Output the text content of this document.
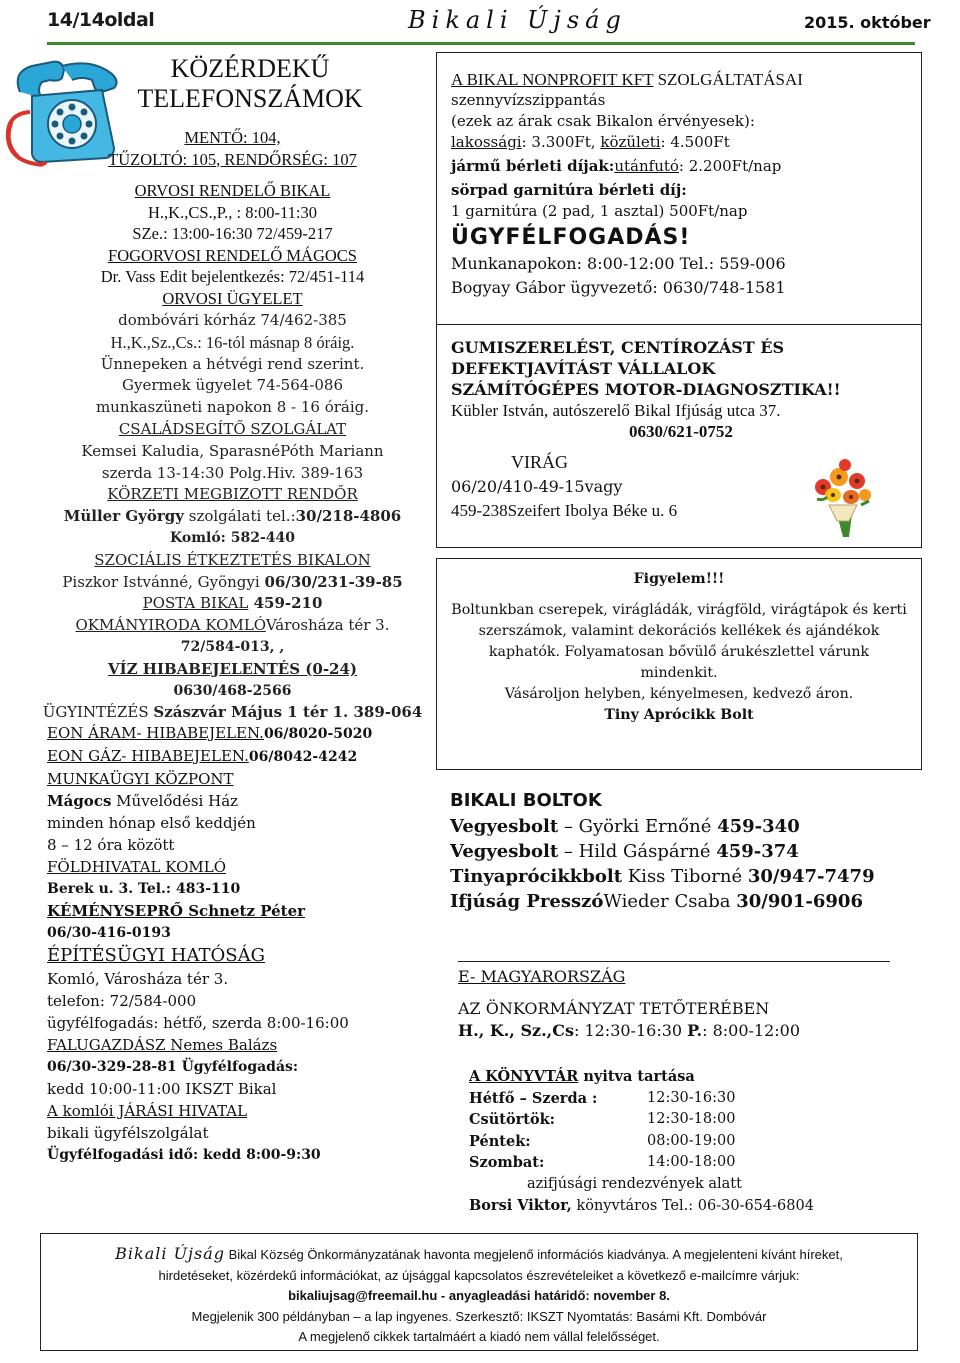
14/14oldal	Bikali Újság	2015. október
KÖZÉRDEKŰ
TELEFONSZÁMOK
MENTŐ: 104,
TŰZOLTÓ: 105, RENDŐRSÉG: 107
ORVOSI RENDELŐ BIKAL
H.,K.,CS.,P., : 8:00-11:30
SZe.: 13:00-16:30 72/459-217
FOGORVOSI RENDELŐ MÁGOCS
Dr. Vass Edit bejelentkezés: 72/451-114
ORVOSI ÜGYELET
dombóvári kórház 74/462-385
H.,K.,Sz.,Cs.: 16-tól másnap 8 óráig.
Ünnepeken a hétvégi rend szerint.
Gyermek ügyelet 74-564-086
munkaszüneti napokon 8 - 16 óráig.
CSALÁDSEGÍTŐ SZOLGÁLAT
Kemsei Kaludia, SparasnéPóth Mariann
szerda 13-14:30 Polg.Hiv. 389-163
KÖRZETI MEGBIZOTT RENDŐR
Müller György szolgálati tel.:30/218-4806
Komló: 582-440
SZOCIÁLIS ÉTKEZTETÉS BIKALON
Piszkor Istvánné, Gyöngyi 06/30/231-39-85
POSTA BIKAL 459-210
OKMÁNYIRODA KOMLÓVárosháza tér 3.
72/584-013, ,
VÍZ HIBABEJELENTÉS (0-24)
0630/468-2566
ÜGYINTÉZÉS Szászvár Május 1 tér 1. 389-064
EON ÁRAM- HIBABEJELEN.06/8020-5020
EON GÁZ- HIBABEJELEN.06/8042-4242
MUNKAÜGYI KÖZPONT
Mágocs Művelődési Ház
minden hónap első keddjén
8 – 12 óra között
FÖLDHIVATAL KOMLÓ
Berek u. 3. Tel.: 483-110
KÉMÉNYSEPRŐ Schnetz Péter
06/30-416-0193
ÉPÍTÉSÜGYI HATÓSÁG
Komló, Városháza tér 3.
telefon: 72/584-000
ügyfélfogadás: hétfő, szerda 8:00-16:00
FALUGAZDÁSZ Nemes Balázs
06/30-329-28-81 Ügyfélfogadás:
kedd 10:00-11:00 IKSZT Bikal
A komlói JÁRÁSI HIVATAL
bikali ügyfélszolgálat
Ügyfélfogadási idő: kedd 8:00-9:30
A BIKAL NONPROFIT KFT SZOLGÁLTATÁSAI
szennyvízszippantás
(ezek az árak csak Bikalon érvényesek):
lakossági: 3.300Ft, közületi: 4.500Ft
jármű bérleti díjak:utánfutó: 2.200Ft/nap
sörpad garnitúra bérleti díj:
1 garnitúra (2 pad, 1 asztal) 500Ft/nap
ÜGYFÉLFOGADÁS!
Munkanapokon: 8:00-12:00 Tel.: 559-006
Bogyay Gábor ügyvezető: 0630/748-1581
GUMISZERELÉST, CENTÍROZÁST ÉS
DEFEKTJAVÍTÁST VÁLLALOK
SZÁMÍTÓGÉPES MOTOR-DIAGNOSZTIKA!!
Kübler István, autószerelő Bikal Ifjúság utca 37.
0630/621-0752
VIRÁG
06/20/410-49-15vagy
459-238Szeifert Ibolya Béke u. 6
Figyelem!!!
Boltunkban cserepek, virágládák, virágföld, virágtápok és kerti
szerszámok, valamint dekorációs kellékek és ajándékok
kaphatók. Folyamatosan bővülő árukészlettel várunk
mindenkit.
Vásároljon helyben, kényelmesen, kedvező áron.
Tiny Aprócikk Bolt
BIKALI BOLTOK
Vegyesbolt – Györki Ernőné 459-340
Vegyesbolt – Hild Gáspárné 459-374
Tinyaprócikkbolt Kiss Tiborné 30/947-7479
Ifjúság PresszóWieder Csaba 30/901-6906
E- MAGYARORSZÁG
AZ ÖNKORMÁNYZAT TETŐTERÉBEN
H., K., Sz.,Cs: 12:30-16:30 P.: 8:00-12:00
A KÖNYVTÁR nyitva tartása
Hétfő – Szerda :	12:30-16:30
Csütörtök:	12:30-18:00
Péntek:	08:00-19:00
Szombat:	14:00-18:00
azifjúsági rendezvények alatt
Borsi Viktor, könyvtáros Tel.: 06-30-654-6804
Bikali Újság Bikal Község Önkormányzatának havonta megjelenő információs kiadványa. A megjelenteni kívánt híreket,
hirdetéseket, közérdekű információkat, az újsággal kapcsolatos észrevételeiket a következő e-mailcímre várjuk:
bikaliujsag@freemail.hu - anyagleadási határidő: november 8.
Megjelenik 300 példányban – a lap ingyenes. Szerkesztő: IKSZT Nyomtatás: Basámi Kft. Dombóvár
A megjelenő cikkek tartalmáért a kiadó nem vállal felelősséget.
